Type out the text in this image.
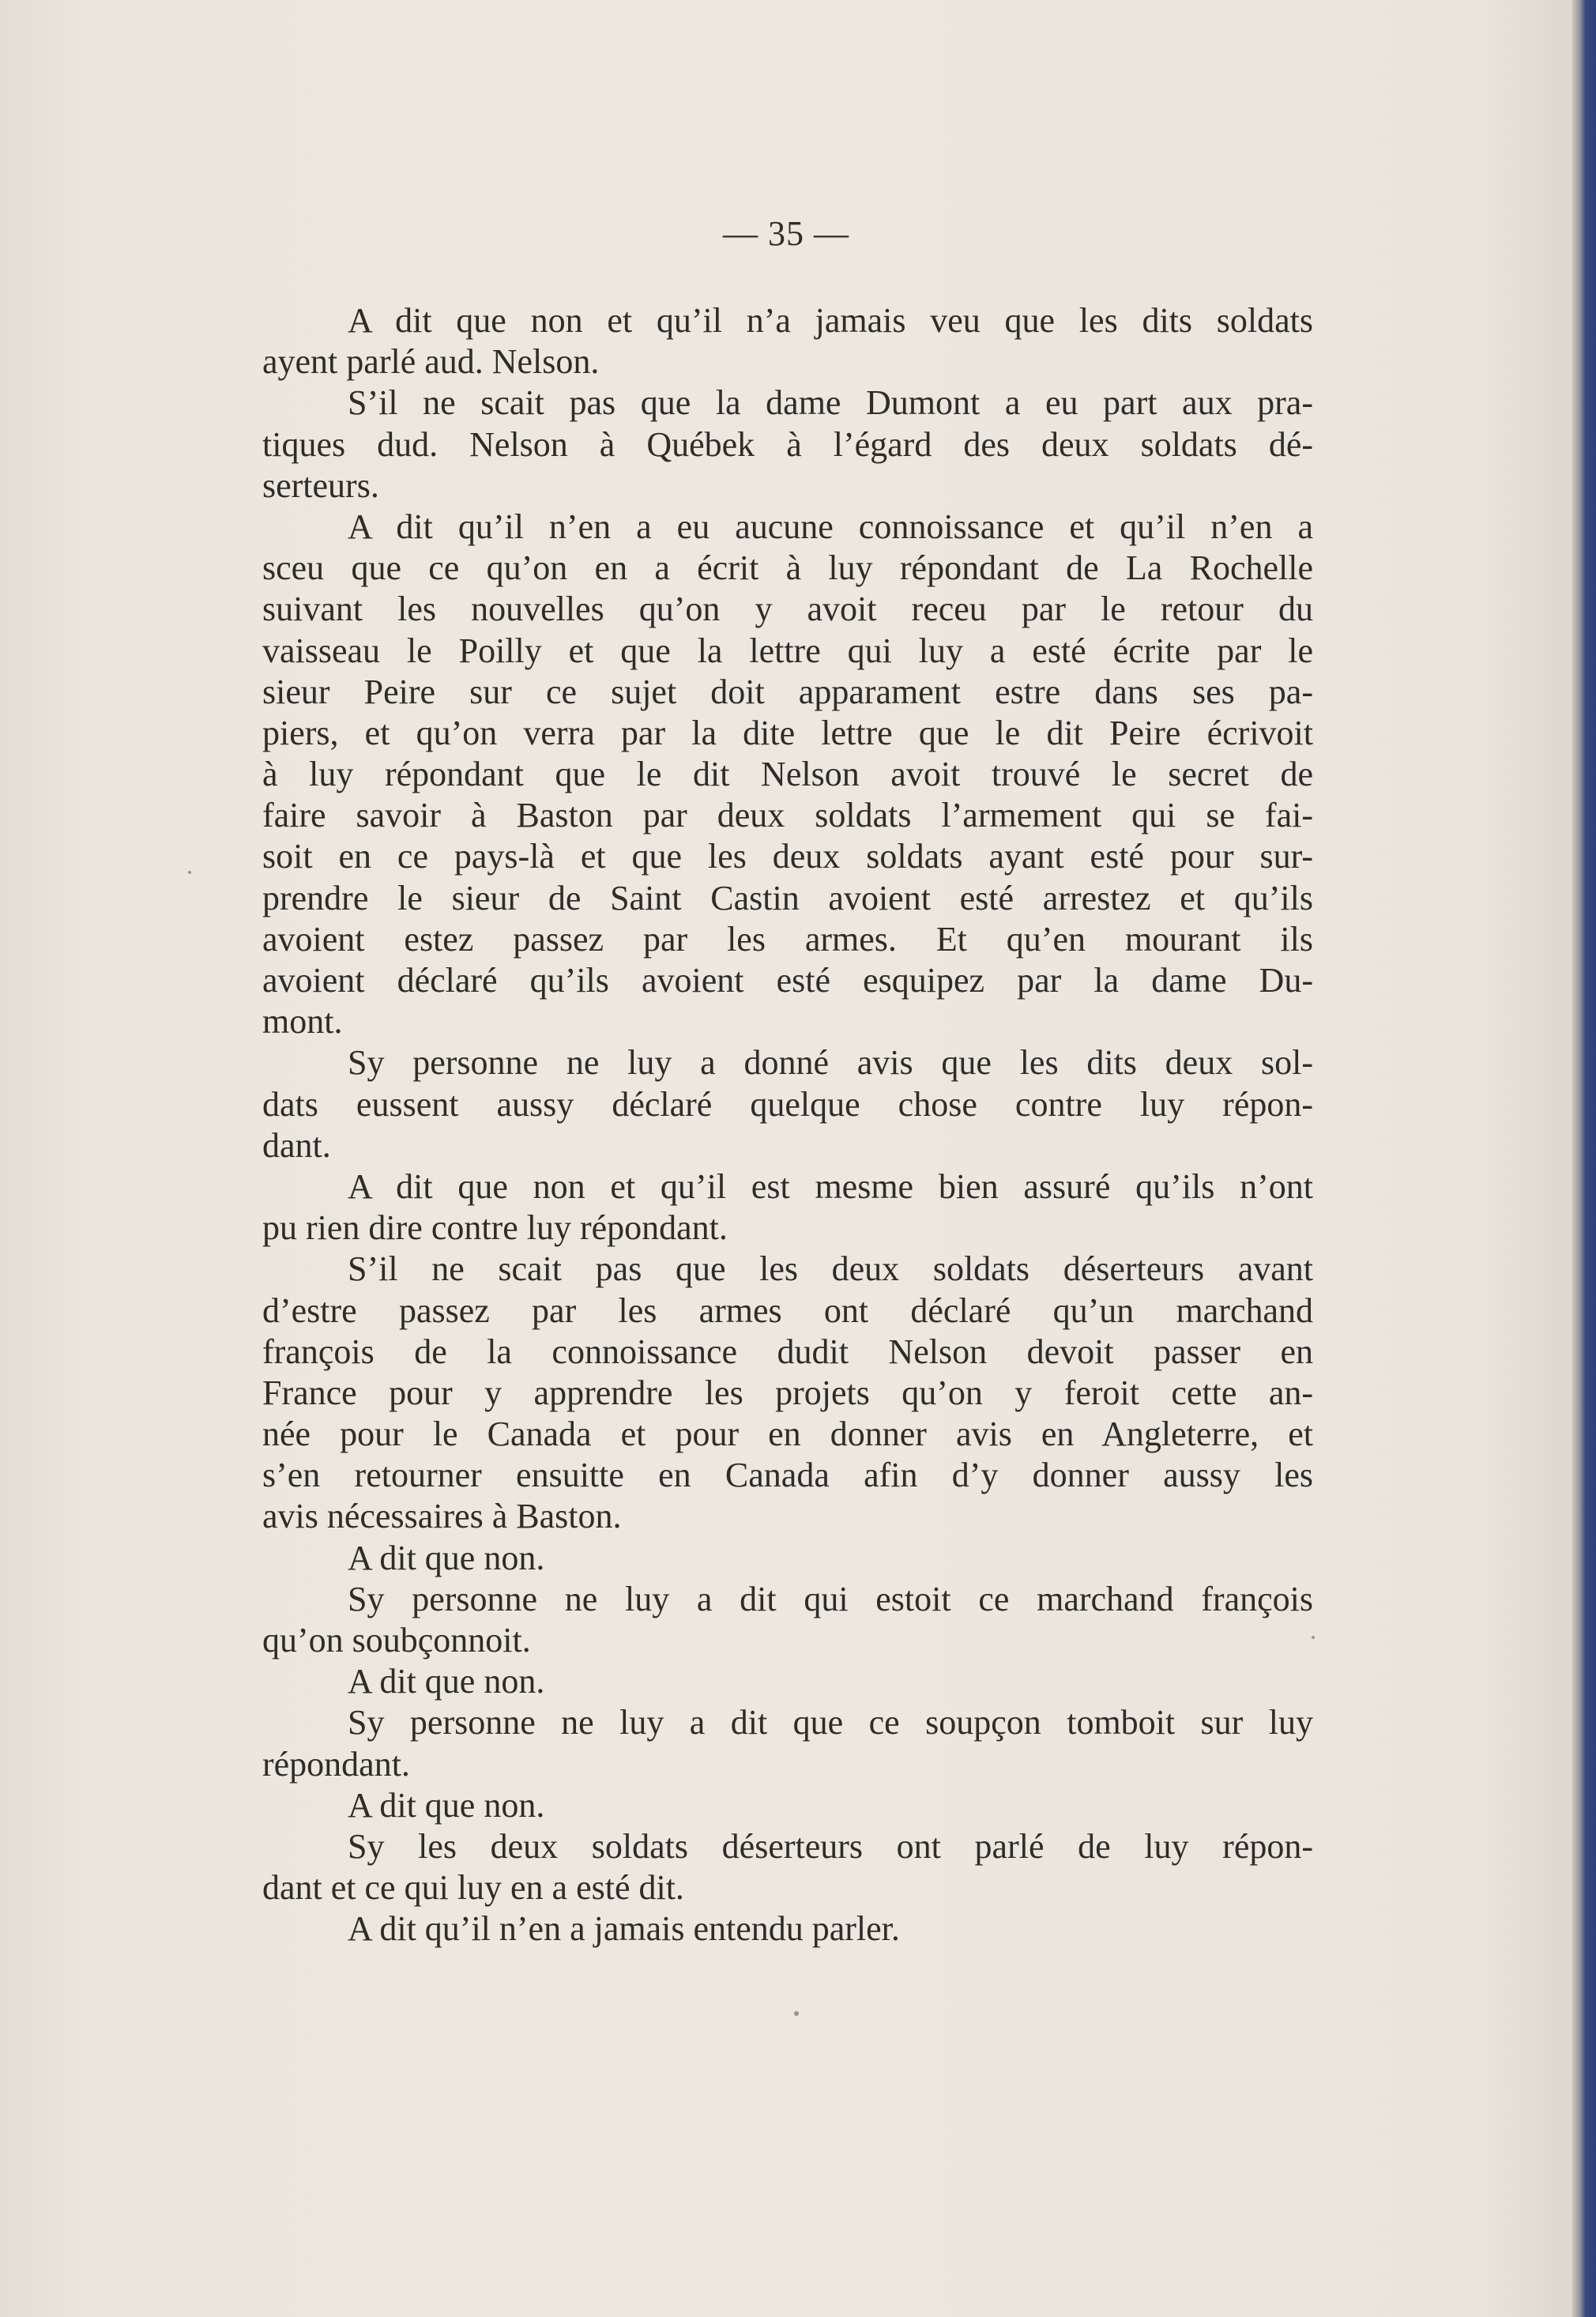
— 35 —
A dit que non et qu’il n’a jamais veu que les dits soldats
ayent parlé aud. Nelson.
S’il ne scait pas que la dame Dumont a eu part aux pra-
tiques dud. Nelson à Québek à l’égard des deux soldats dé-
serteurs.
A dit qu’il n’en a eu aucune connoissance et qu’il n’en a
sceu que ce qu’on en a écrit à luy répondant de La Rochelle
suivant les nouvelles qu’on y avoit receu par le retour du
vaisseau le Poilly et que la lettre qui luy a esté écrite par le
sieur Peire sur ce sujet doit apparament estre dans ses pa-
piers, et qu’on verra par la dite lettre que le dit Peire écrivoit
à luy répondant que le dit Nelson avoit trouvé le secret de
faire savoir à Baston par deux soldats l’armement qui se fai-
soit en ce pays-là et que les deux soldats ayant esté pour sur-
prendre le sieur de Saint Castin avoient esté arrestez et qu’ils
avoient estez passez par les armes. Et qu’en mourant ils
avoient déclaré qu’ils avoient esté esquipez par la dame Du-
mont.
Sy personne ne luy a donné avis que les dits deux sol-
dats eussent aussy déclaré quelque chose contre luy répon-
dant.
A dit que non et qu’il est mesme bien assuré qu’ils n’ont
pu rien dire contre luy répondant.
S’il ne scait pas que les deux soldats déserteurs avant
d’estre passez par les armes ont déclaré qu’un marchand
françois de la connoissance dudit Nelson devoit passer en
France pour y apprendre les projets qu’on y feroit cette an-
née pour le Canada et pour en donner avis en Angleterre, et
s’en retourner ensuitte en Canada afin d’y donner aussy les
avis nécessaires à Baston.
A dit que non.
Sy personne ne luy a dit qui estoit ce marchand françois
qu’on soubçonnoit.
A dit que non.
Sy personne ne luy a dit que ce soupçon tomboit sur luy
répondant.
A dit que non.
Sy les deux soldats déserteurs ont parlé de luy répon-
dant et ce qui luy en a esté dit.
A dit qu’il n’en a jamais entendu parler.
